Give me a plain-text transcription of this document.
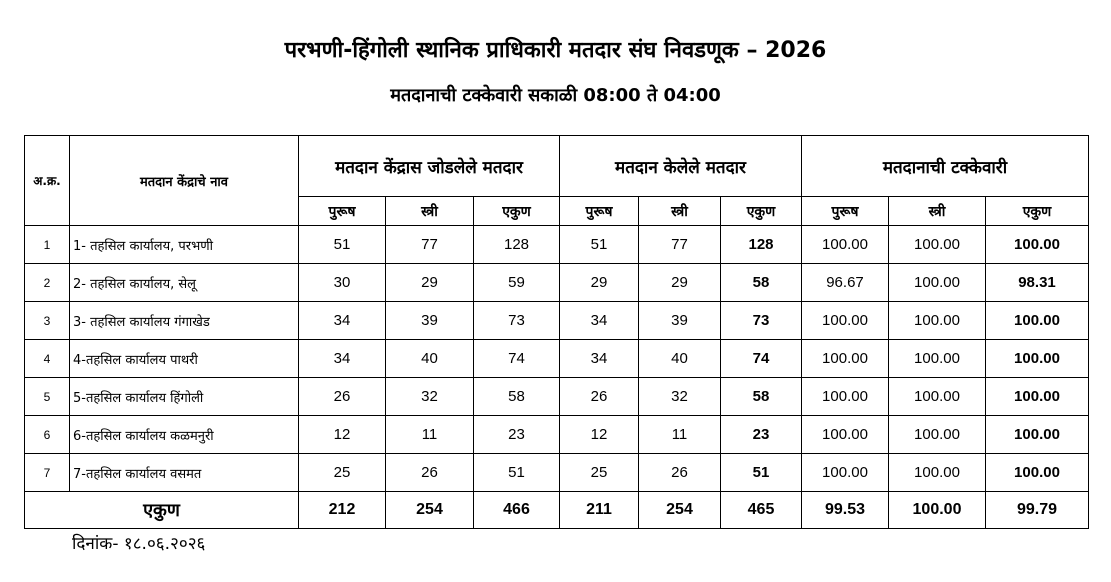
परभणी-हिंगोली स्थानिक प्राधिकारी मतदार संघ निवडणूक – 2026
मतदानाची टक्केवारी सकाळी 08:00 ते 04:00
अ.क्र.	मतदान केंद्राचे नाव	मतदान केंद्रास जोडलेले मतदार			मतदान केलेले मतदार			मतदानाची टक्केवारी		
		पुरूष	स्त्री	एकुण	पुरूष	स्त्री	एकुण	पुरूष	स्त्री	एकुण
1	1- तहसिल कार्यालय, परभणी	51	77	128	51	77	128	100.00	100.00	100.00
2	2- तहसिल कार्यालय, सेलू	30	29	59	29	29	58	96.67	100.00	98.31
3	3- तहसिल कार्यालय गंगाखेड	34	39	73	34	39	73	100.00	100.00	100.00
4	4-तहसिल कार्यालय पाथरी	34	40	74	34	40	74	100.00	100.00	100.00
5	5-तहसिल कार्यालय हिंगोली	26	32	58	26	32	58	100.00	100.00	100.00
6	6-तहसिल कार्यालय कळमनुरी	12	11	23	12	11	23	100.00	100.00	100.00
7	7-तहसिल कार्यालय वसमत	25	26	51	25	26	51	100.00	100.00	100.00
एकुण		212	254	466	211	254	465	99.53	100.00	99.79
दिनांक- १८.०६.२०२६
